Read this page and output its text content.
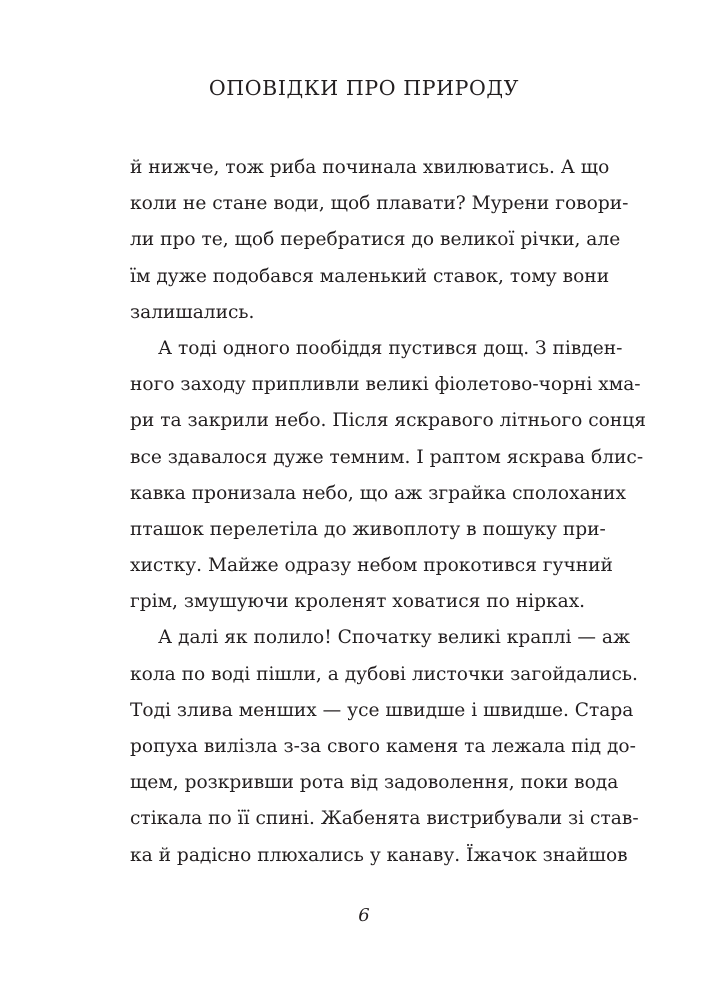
ОПОВІДКИ ПРО ПРИРОДУ
й нижче, тож риба починала хвилюватись. А що
коли не стане води, щоб плавати? Мурени говори-
ли про те, щоб перебратися до великої річки, але
їм дуже подобався маленький ставок, тому вони
залишались.
А тоді одного пообіддя пустився дощ. З півден-
ного заходу припливли великі фіолетово-чорні хма-
ри та закрили небо. Після яскравого літнього сонця
все здавалося дуже темним. І раптом яскрава блис-
кавка пронизала небо, що аж зграйка сполоханих
пташок перелетіла до живоплоту в пошуку при-
хистку. Майже одразу небом прокотився гучний
грім, змушуючи кроленят ховатися по нірках.
А далі як полило! Спочатку великі краплі — аж
кола по воді пішли, а дубові листочки загойдались.
Тоді злива менших — усе швидше і швидше. Стара
ропуха вилізла з-за свого каменя та лежала під до-
щем, розкривши рота від задоволення, поки вода
стікала по її спині. Жабенята вистрибували зі став-
ка й радісно плюхались у канаву. Їжачок знайшов
6
